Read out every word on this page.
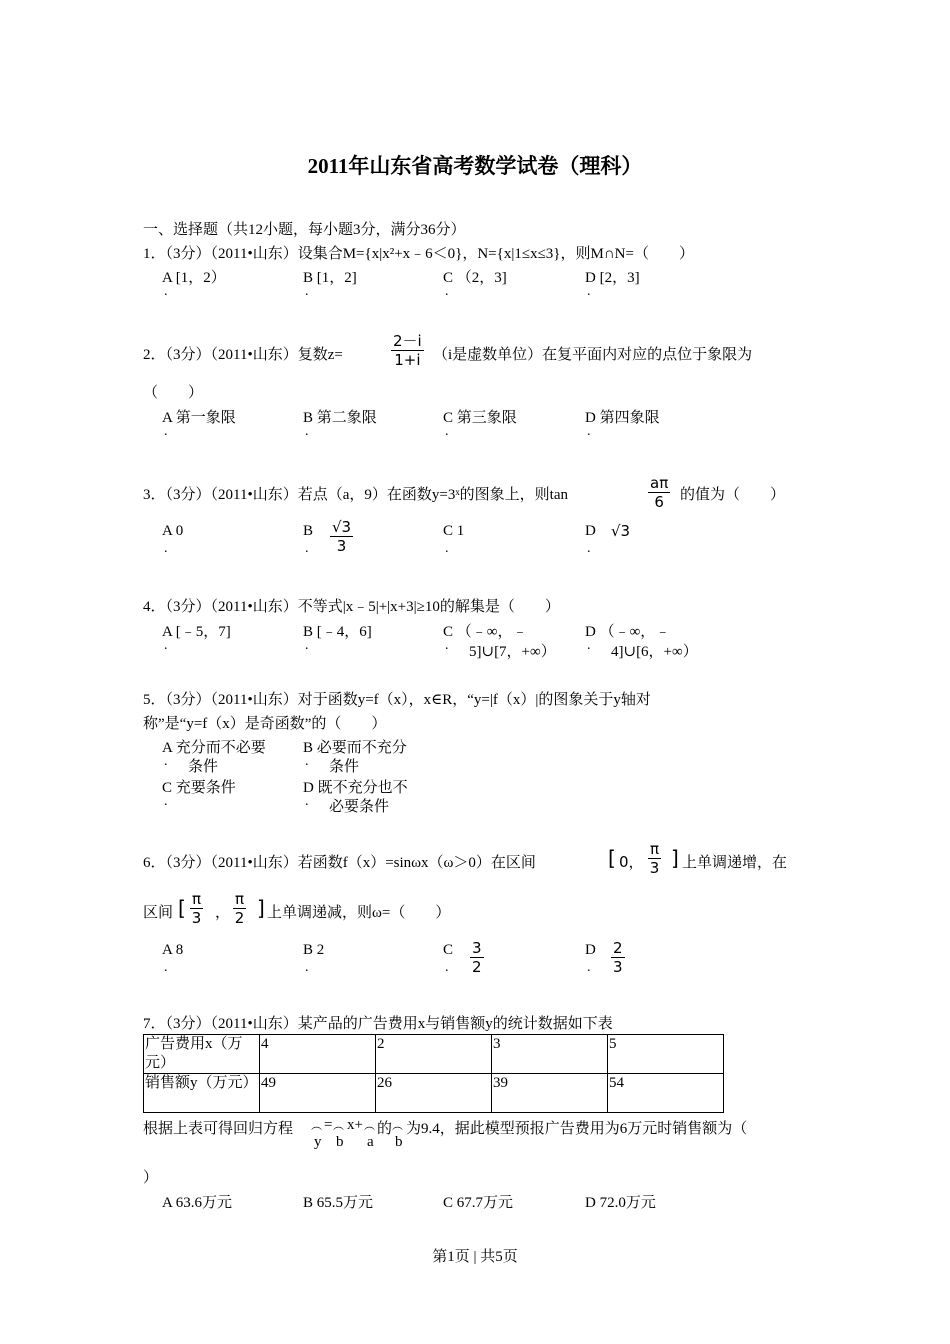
2011年山东省高考数学试卷（理科）
一、选择题（共12小题，每小题3分，满分36分）
1．（3分）（2011•山东）设集合M={x|x²+x﹣6＜0}，N={x|1≤x≤3}，则M∩N=（　　）
A [1，2）	B [1，2]	C （2，3]	D [2，3]
.	.	.	.
2．（3分）（2011•山东）复数z=	$\frac{2-i}{1+i} (i$是虚数单位）在复平面内对应的点位于象限为
（　　）
A 第一象限	B 第二象限	C 第三象限	D 第四象限
.	.	.	.
3．（3分）（2011•山东）若点（a，9）在函数y=3ˣ的图象上，则tan	$\frac{a\pi}{6}$ 的值为（　　）
A 0	B $\frac{√3}{3}$	C 1	D √3
.	.	.	.
4．（3分）（2011•山东）不等式|x﹣5|+|x+3|≥10的解集是（　　）
A [﹣5，7]	B [﹣4，6]	C （﹣∞，﹣	D （﹣∞，﹣
5]∪[7，+∞）	4]∪[6，+∞）
.	.	.	.
5．（3分）（2011•山东）对于函数y=f（x），x∈R，“y=|f（x）|的图象关于y轴对
称”是“y=f（x）是奇函数”的（　　）
A 充分而不必要
条件
B 必要而不充分
条件
C 充要条件	D 既不充分也不
必要条件
.	.
.	.
6．（3分）（2011•山东）若函数f（x）=sinωx（ω＞0）在区间	[ 0， $\frac{\pi}{3}$ ] 上单调递增，在
区间 [ $\frac{\pi}{3}$ ， $\frac{\pi}{2}$ ] 上单调递减，则ω=（　　）
A 8	B 2	C $\frac{3}{2}$	D $\frac{2}{3}$
.	.	.	.
7．（3分）（2011•山东）某产品的广告费用x与销售额y的统计数据如下表
广告费用x（万元）	4	2	3	5
销售额y（万元）	49	26	39	54
根据上表可得回归方程 ︵ = ︵ x+ ︵ 的 ︵ 为9.4，据此模型预报广告费用为6万元时销售额为（
y b a b
）
A 63.6万元	B 65.5万元	C 67.7万元	D 72.0万元
第1页 | 共5页
